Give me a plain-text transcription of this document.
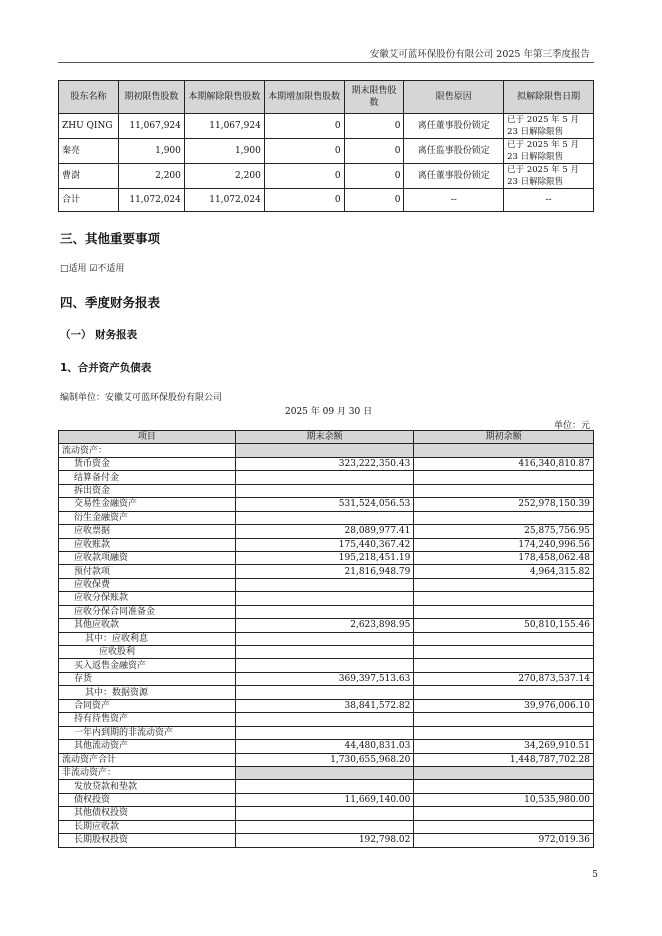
安徽艾可蓝环保股份有限公司 2025 年第三季度报告
股东名称	期初限售股数	本期解除限售股数	本期增加限售股数	期末限售股数	限售原因	拟解除限售日期
ZHU QING	11,067,924	11,067,924	0	0	离任董事股份锁定	已于 2025 年 5 月 23 日解除限售
秦亮	1,900	1,900	0	0	离任监事股份锁定	已于 2025 年 5 月 23 日解除限售
曹澍	2,200	2,200	0	0	离任董事股份锁定	已于 2025 年 5 月 23 日解除限售
合计	11,072,024	11,072,024	0	0	--	--
三、其他重要事项
□适用 ☑不适用
四、季度财务报表
（一） 财务报表
1、合并资产负债表
编制单位：安徽艾可蓝环保股份有限公司
2025 年 09 月 30 日
单位：元
项目	期末余额	期初余额
流动资产：		
货币资金	323,222,350.43	416,340,810.87
结算备付金		
拆出资金		
交易性金融资产	531,524,056.53	252,978,150.39
衍生金融资产		
应收票据	28,089,977.41	25,875,756.95
应收账款	175,440,367.42	174,240,996.56
应收款项融资	195,218,451.19	178,458,062.48
预付款项	21,816,948.79	4,964,315.82
应收保费		
应收分保账款		
应收分保合同准备金		
其他应收款	2,623,898.95	50,810,155.46
其中：应收利息		
应收股利		
买入返售金融资产		
存货	369,397,513.63	270,873,537.14
其中：数据资源		
合同资产	38,841,572.82	39,976,006.10
持有待售资产		
一年内到期的非流动资产		
其他流动资产	44,480,831.03	34,269,910.51
流动资产合计	1,730,655,968.20	1,448,787,702.28
非流动资产：		
发放贷款和垫款		
债权投资	11,669,140.00	10,535,980.00
其他债权投资		
长期应收款		
长期股权投资	192,798.02	972,019.36
5
